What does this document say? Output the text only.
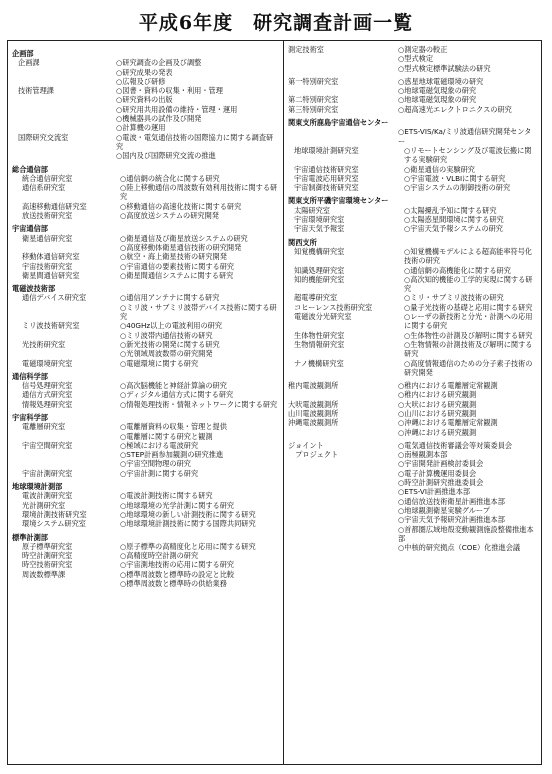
平成6年度　研究調査計画一覧
企画部
企画課	○研究調査の企画及び調整
○研究成果の発表
○広報及び研修
技術管理課	○図書・資料の収集・利用・管理
○研究資料の出版
○研究用共用設備の維持・管理・運用
○機械器具の試作及び開発
○計算機の運用
国際研究交流室	○電波・電気通信技術の国際協力に関する調査研究
○国内及び国際研究交流の推進
総合通信部
統合通信研究室	○通信網の統合化に関する研究
通信系研究室	○陸上移動通信の周波数有効利用技術に関する研究
高速移動通信研究室	○移動通信の高速化技術に関する研究
放送技術研究室	○高度放送システムの研究開発
宇宙通信部
衛星通信研究室	○衛星通信及び衛星放送システムの研究
○高度移動体衛星通信技術の研究開発
移動体通信研究室	○航空・海上衛星技術の研究開発
宇宙技術研究室	○宇宙通信の要素技術に関する研究
衛星間通信研究室	○衛星間通信システムに関する研究
電磁波技術部
通信デバイス研究室	○通信用アンテナに関する研究
○ミリ波・サブミリ波帯デバイス技術に関する研究
ミリ波技術研究室	○40GHz以上の電波利用の研究
○ミリ波帯内通信技術の研究
光技術研究室	○新光技術の開発に関する研究
○光領域周波数帯の研究開発
電磁環境研究室	○電磁環境に関する研究
通信科学部
信号処理研究室	○高次脳機能と神経計算論の研究
通信方式研究室	○ディジタル通信方式に関する研究
情報処理研究室	○情報処理技術・情報ネットワークに関する研究
宇宙科学部
電離層研究室	○電離層資料の収集・管理と提供
○電離層に関する研究と観測
宇宙空間研究室	○極域における電波研究
○STEP計画参加観測の研究推進
○宇宙空間物理の研究
宇宙計測研究室	○宇宙計測に関する研究
地球環境計測部
電波計測研究室	○電波計測技術に関する研究
光計測研究室	○地球環境の光学計測に関する研究
環境計測技術研究室	○地球環境の新しい計測技術に関する研究
環境システム研究室	○地球環境計測技術に関する国際共同研究
標準計測部
原子標準研究室	○原子標準の高精度化と応用に関する研究
時空計測研究室	○高精度時空計測の研究
時空技術研究室	○宇宙測地技術の応用に関する研究
周波数標準課	○標準周波数と標準時の設定と比較
○標準周波数と標準時の供給業務
測定技術室	○測定器の較正
○型式検定
○型式検定標準試験法の研究
第一特別研究室	○惑星地球電磁環境の研究
○地球電磁気現象の研究
第二特別研究室	○地球電磁気現象の研究
第三特別研究室	○超高速光エレクトロニクスの研究
関東支所鹿島宇宙通信センター
○ETS-VIS/Ka/ミリ波通信研究開発センター
地球環境計測研究室	○リモートセンシング及び電波伝搬に関する実験研究
宇宙通信技術研究室	○衛星通信の実験研究
宇宙電波応用研究室	○宇宙電波・VLBIに関する研究
宇宙制御技術研究室	○宇宙システムの制御技術の研究
関東支所平磯宇宙環境センター
太陽研究室	○太陽擾乱予知に関する研究
宇宙環境研究室	○太陽惑星間環境に関する研究
宇宙天気予報室	○宇宙天気予報システムの研究
関西支所
知覚機構研究室	○知覚機構モデルによる超高能率符号化技術の研究
知識処理研究室	○通信網の高機能化に関する研究
知的機能研究室	○高次知的機能の工学的実現に関する研究
超電導研究室	○ミリ・サブミリ波技術の研究
コヒーレンス技術研究室	○量子光技術の基礎と応用に関する研究
電磁波分光研究室	○レーザの新技術と分光・計測への応用に関する研究
生体物性研究室	○生体物性の計測及び解明に関する研究
生物情報研究室	○生物情報の計測技術及び解明に関する研究
ナノ機構研究室	○高度情報通信のための分子素子技術の研究開発
稚内電波観測所	○稚内における電離層定常観測
○稚内における研究観測
大吠電波観測所	○大吠における研究観測
山川電波観測所	○山川における研究観測
沖縄電波観測所	○沖縄における電離層定常観測
○沖縄における研究観測
ジョイント
　プロジェクト
○電気通信技術審議会等対策委員会
○南極観測本部
○宇宙開発計画検討委員会
○電子計算機運用委員会
○時空計測研究推進委員会
○ETS-VI計画推進本部
○通信放送技術衛星計画推進本部
○地球観測衛星実験グループ
○宇宙天気予報研究計画推進本部
○首都圏広域地殻変動観測施設整備推進本部
○中核的研究拠点（COE）化推進会議
